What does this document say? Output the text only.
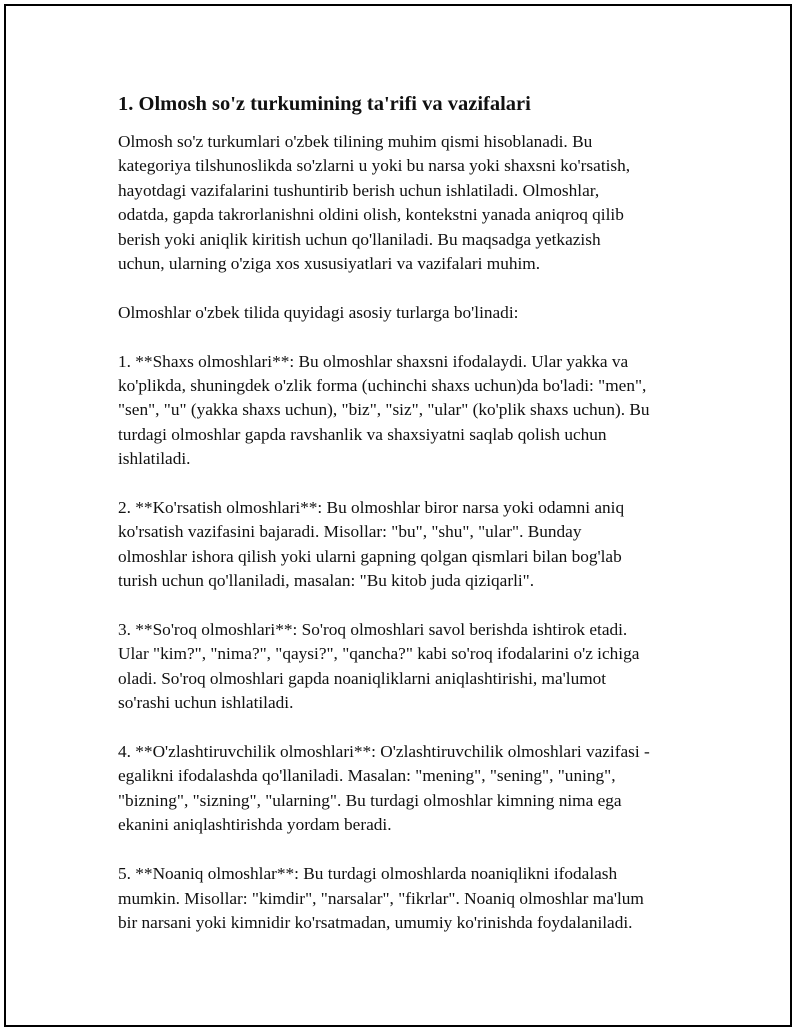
1. Olmosh so'z turkumining ta'rifi va vazifalari

Olmosh so'z turkumlari o'zbek tilining muhim qismi hisoblanadi. Bu
kategoriya tilshunoslikda so'zlarni u yoki bu narsa yoki shaxsni ko'rsatish,
hayotdagi vazifalarini tushuntirib berish uchun ishlatiladi. Olmoshlar,
odatda, gapda takrorlanishni oldini olish, kontekstni yanada aniqroq qilib
berish yoki aniqlik kiritish uchun qo'llaniladi. Bu maqsadga yetkazish
uchun, ularning o'ziga xos xususiyatlari va vazifalari muhim.

Olmoshlar o'zbek tilida quyidagi asosiy turlarga bo'linadi:

1. **Shaxs olmoshlari**: Bu olmoshlar shaxsni ifodalaydi. Ular yakka va
ko'plikda, shuningdek o'zlik forma (uchinchi shaxs uchun)da bo'ladi: "men",
"sen", "u" (yakka shaxs uchun), "biz", "siz", "ular" (ko'plik shaxs uchun). Bu
turdagi olmoshlar gapda ravshanlik va shaxsiyatni saqlab qolish uchun
ishlatiladi.

2. **Ko'rsatish olmoshlari**: Bu olmoshlar biror narsa yoki odamni aniq
ko'rsatish vazifasini bajaradi. Misollar: "bu", "shu", "ular". Bunday
olmoshlar ishora qilish yoki ularni gapning qolgan qismlari bilan bog'lab
turish uchun qo'llaniladi, masalan: "Bu kitob juda qiziqarli".

3. **So'roq olmoshlari**: So'roq olmoshlari savol berishda ishtirok etadi.
Ular "kim?", "nima?", "qaysi?", "qancha?" kabi so'roq ifodalarini o'z ichiga
oladi. So'roq olmoshlari gapda noaniqliklarni aniqlashtirishi, ma'lumot
so'rashi uchun ishlatiladi.

4. **O'zlashtiruvchilik olmoshlari**: O'zlashtiruvchilik olmoshlari vazifasi -
egalikni ifodalashda qo'llaniladi. Masalan: "mening", "sening", "uning",
"bizning", "sizning", "ularning". Bu turdagi olmoshlar kimning nima ega
ekanini aniqlashtirishda yordam beradi.

5. **Noaniq olmoshlar**: Bu turdagi olmoshlarda noaniqlikni ifodalash
mumkin. Misollar: "kimdir", "narsalar", "fikrlar". Noaniq olmoshlar ma'lum
bir narsani yoki kimnidir ko'rsatmadan, umumiy ko'rinishda foydalaniladi.
